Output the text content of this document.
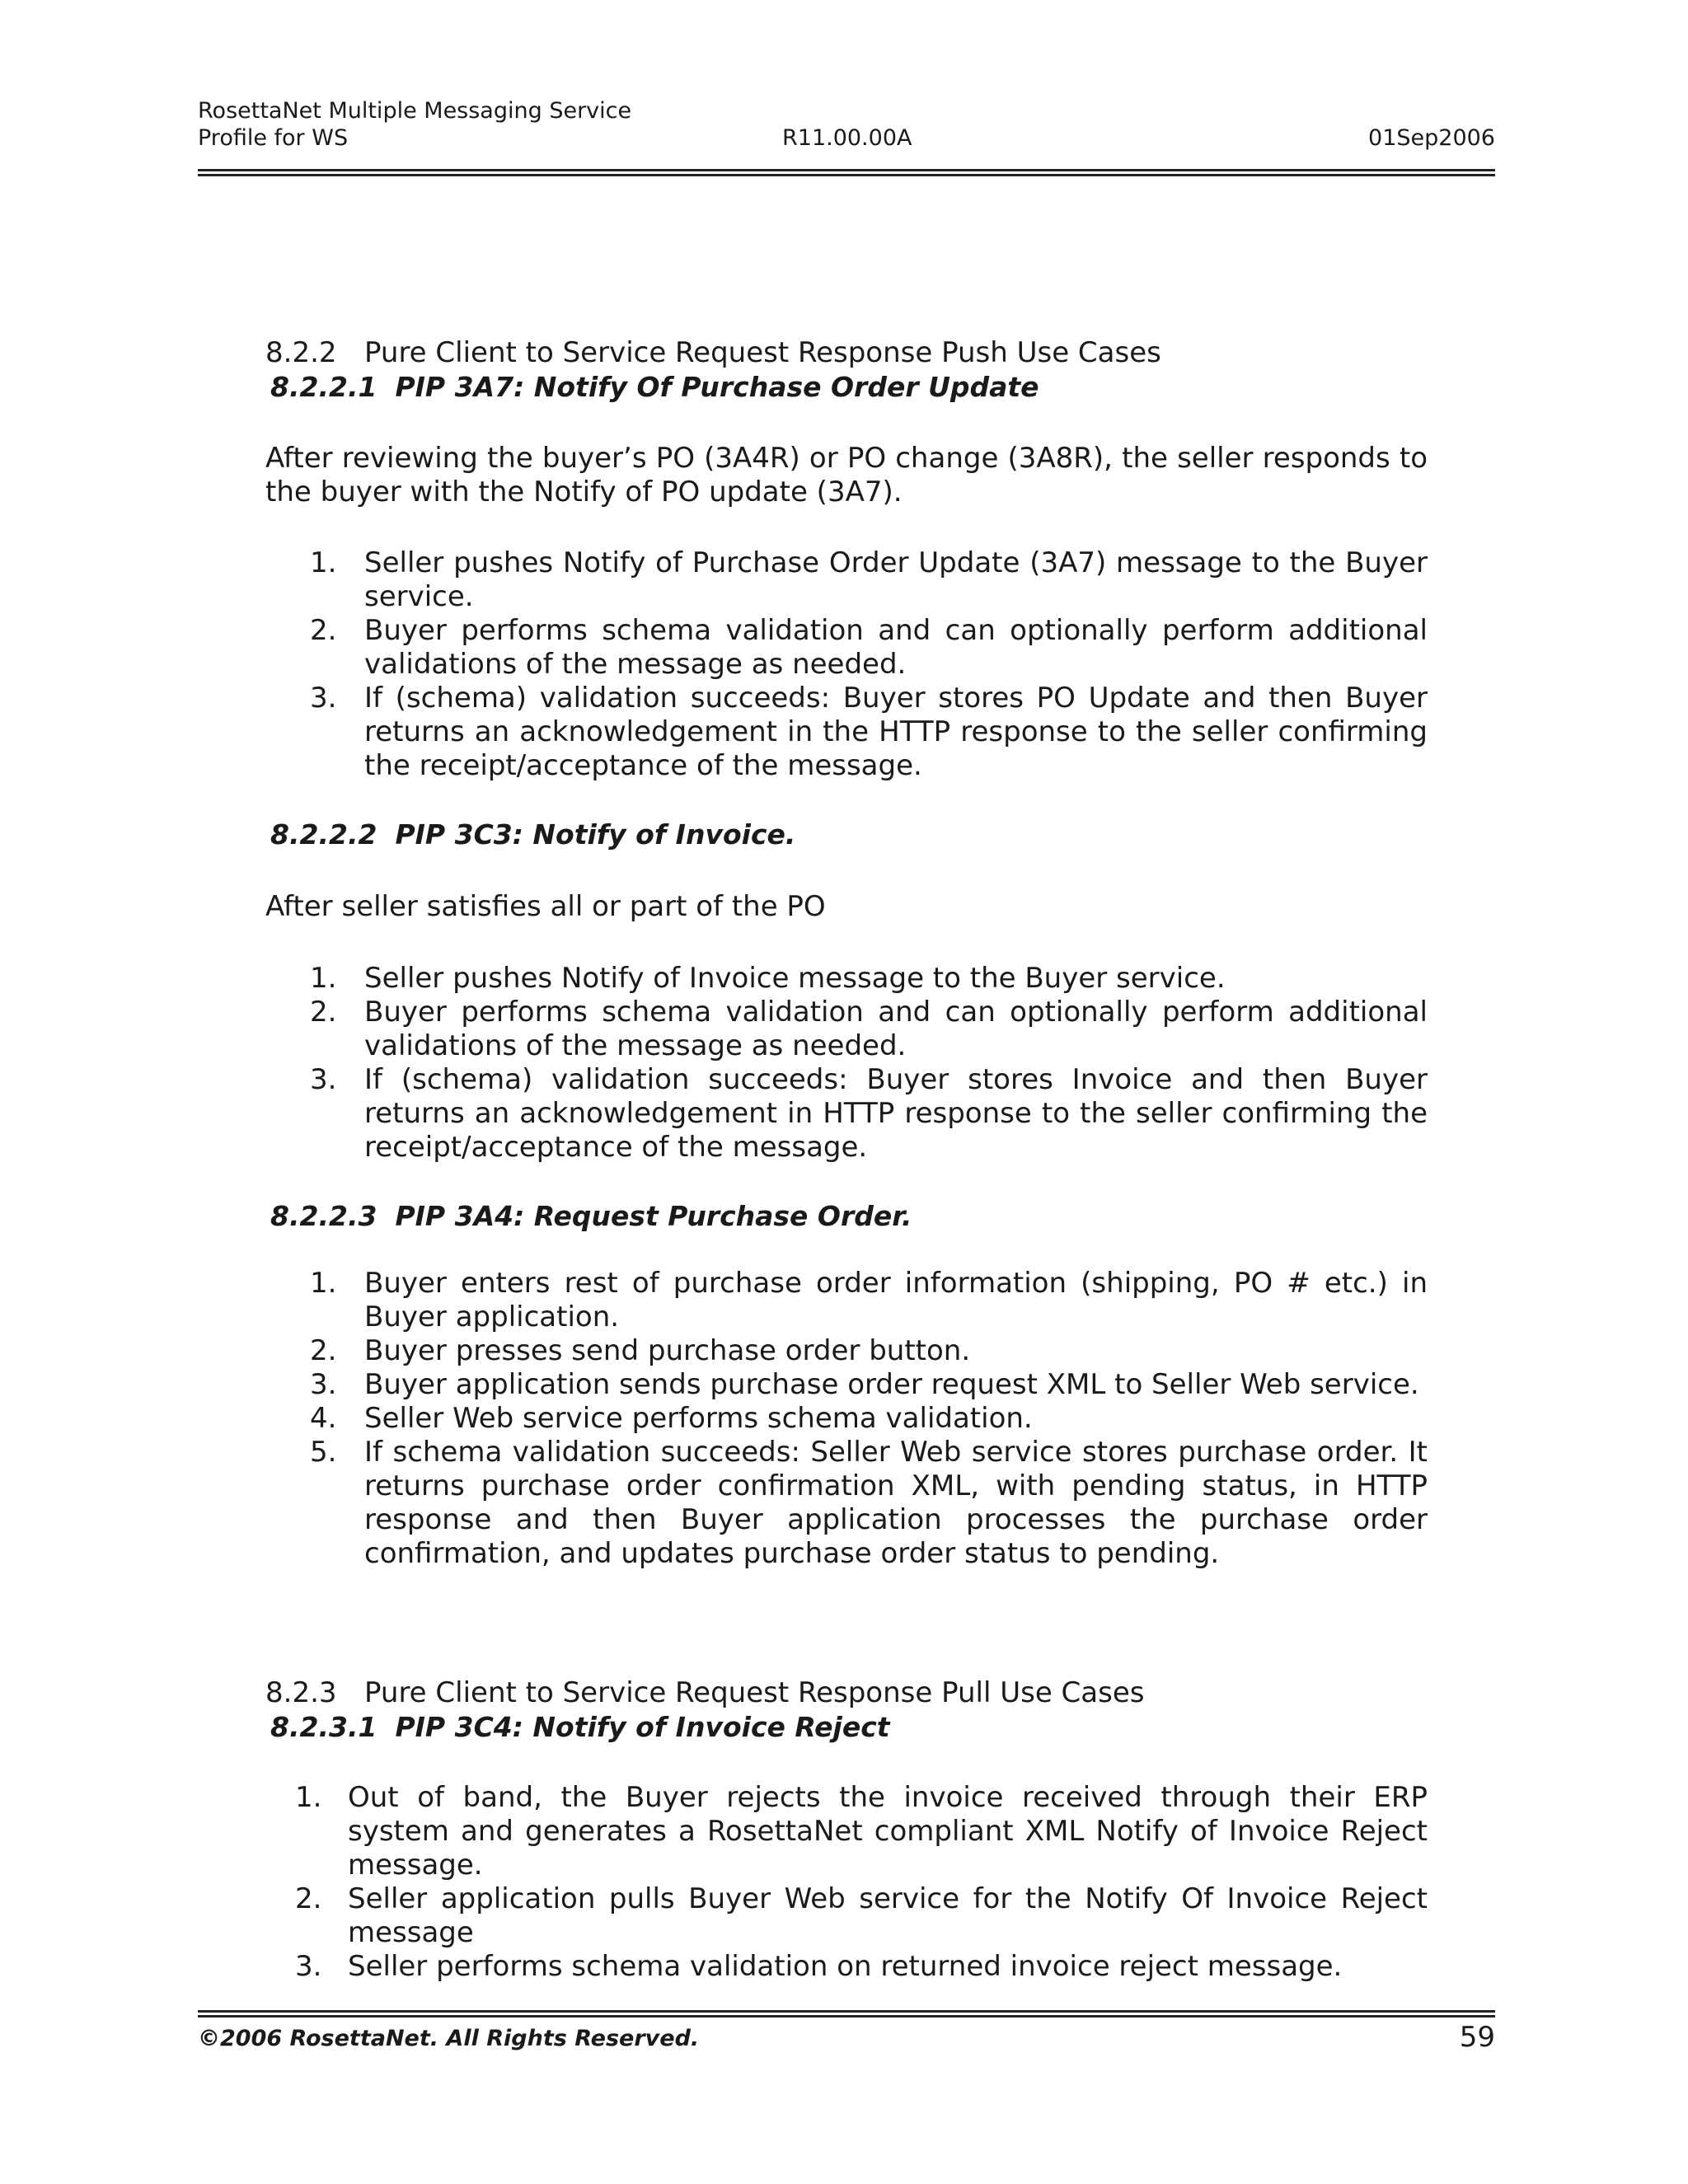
RosettaNet Multiple Messaging Service
Profile for WS	R11.00.00A	01Sep2006
8.2.2 Pure Client to Service Request Response Push Use Cases
8.2.2.1 PIP 3A7: Notify Of Purchase Order Update

After reviewing the buyer’s PO (3A4R) or PO change (3A8R), the seller responds to the buyer with the Notify of PO update (3A7).

1. Seller pushes Notify of Purchase Order Update (3A7) message to the Buyer service.
2. Buyer performs schema validation and can optionally perform additional validations of the message as needed.
3. If (schema) validation succeeds: Buyer stores PO Update and then Buyer returns an acknowledgement in the HTTP response to the seller confirming the receipt/acceptance of the message.
8.2.2.2 PIP 3C3: Notify of Invoice.

After seller satisfies all or part of the PO

1. Seller pushes Notify of Invoice message to the Buyer service.
2. Buyer performs schema validation and can optionally perform additional validations of the message as needed.
3. If (schema) validation succeeds: Buyer stores Invoice and then Buyer returns an acknowledgement in HTTP response to the seller confirming the receipt/acceptance of the message.
8.2.2.3 PIP 3A4: Request Purchase Order.
1. Buyer enters rest of purchase order information (shipping, PO # etc.) in Buyer application.
2. Buyer presses send purchase order button.
3. Buyer application sends purchase order request XML to Seller Web service.
4. Seller Web service performs schema validation.
5. If schema validation succeeds: Seller Web service stores purchase order. It returns purchase order confirmation XML, with pending status, in HTTP response and then Buyer application processes the purchase order confirmation, and updates purchase order status to pending.
8.2.3 Pure Client to Service Request Response Pull Use Cases
8.2.3.1 PIP 3C4: Notify of Invoice Reject
1. Out of band, the Buyer rejects the invoice received through their ERP system and generates a RosettaNet compliant XML Notify of Invoice Reject message.
2. Seller application pulls Buyer Web service for the Notify Of Invoice Reject message
3. Seller performs schema validation on returned invoice reject message.
©2006 RosettaNet. All Rights Reserved.	59
